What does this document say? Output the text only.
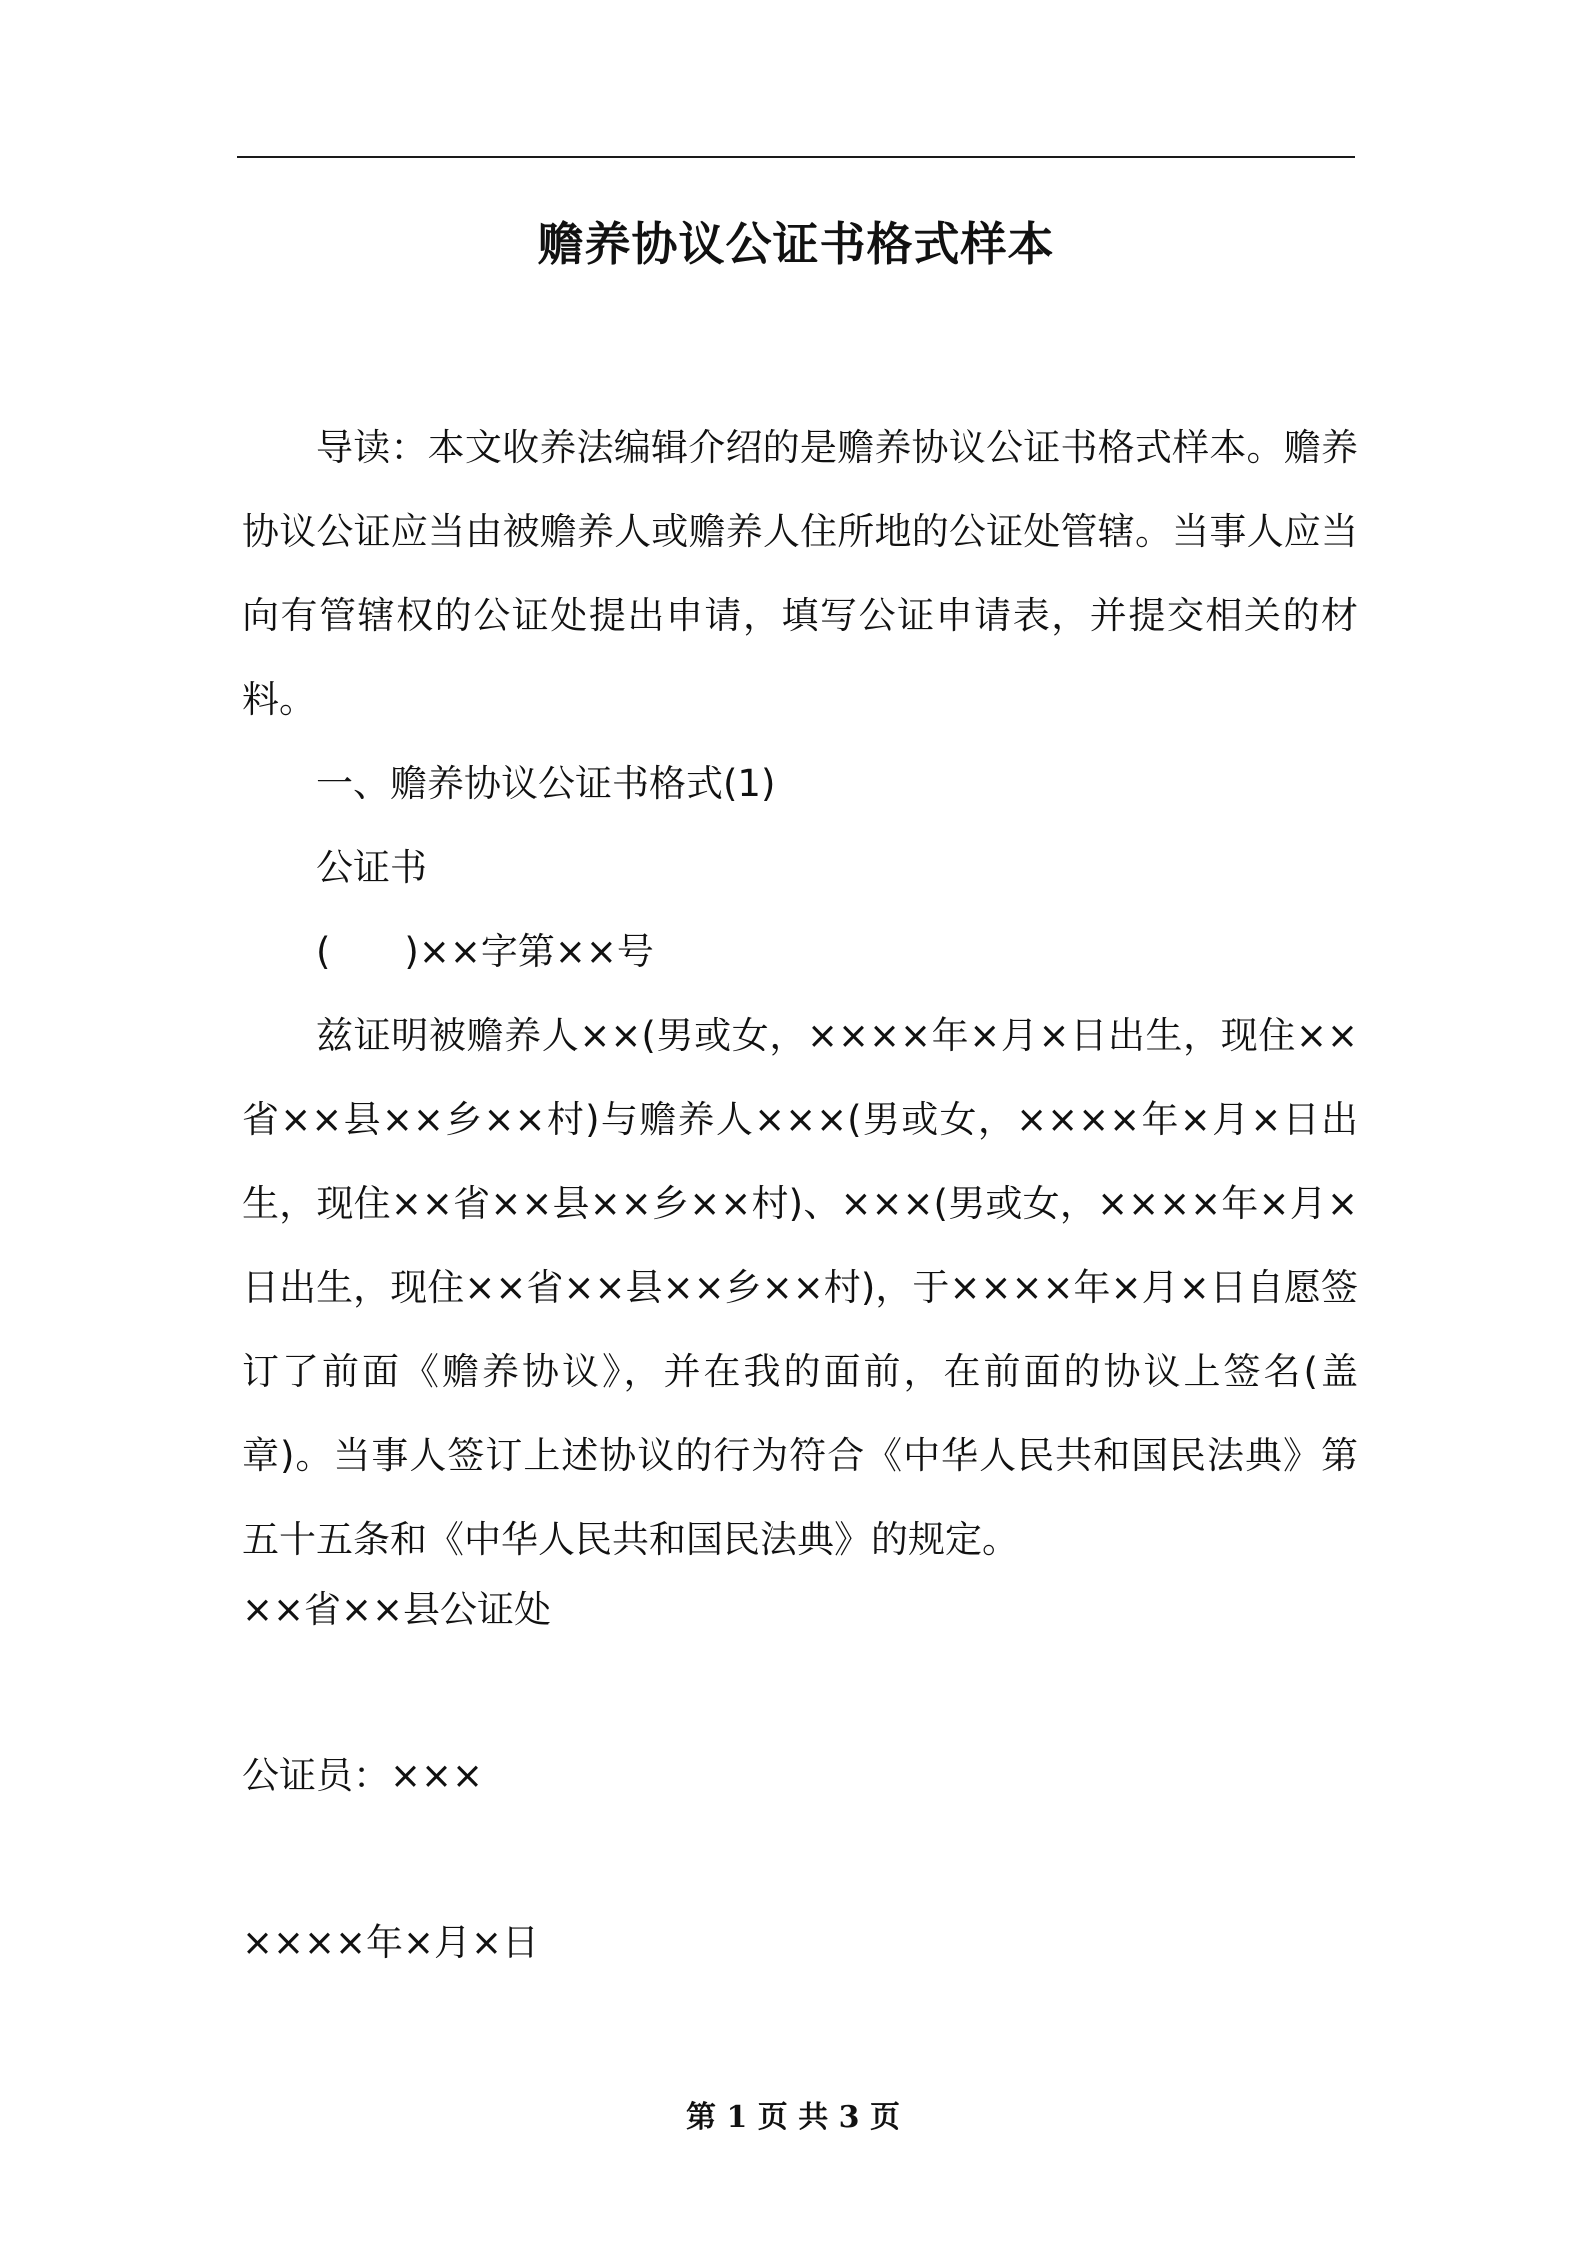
赡养协议公证书格式样本

导读：本文收养法编辑介绍的是赡养协议公证书格式样本。赡养协议公证应当由被赡养人或赡养人住所地的公证处管辖。当事人应当向有管辖权的公证处提出申请，填写公证申请表，并提交相关的材料。

一、赡养协议公证书格式(1)

公证书

(　　)××字第××号

兹证明被赡养人××(男或女，××××年×月×日出生，现住××省××县××乡××村)与赡养人×××(男或女，××××年×月×日出生，现住××省××县××乡××村)、×××(男或女，××××年×月×日出生，现住××省××县××乡××村)，于××××年×月×日自愿签订了前面《赡养协议》，并在我的面前，在前面的协议上签名(盖章)。当事人签订上述协议的行为符合《中华人民共和国民法典》第五十五条和《中华人民共和国民法典》的规定。

××省××县公证处
公证员：×××
××××年×月×日
第 1 页 共 3 页
